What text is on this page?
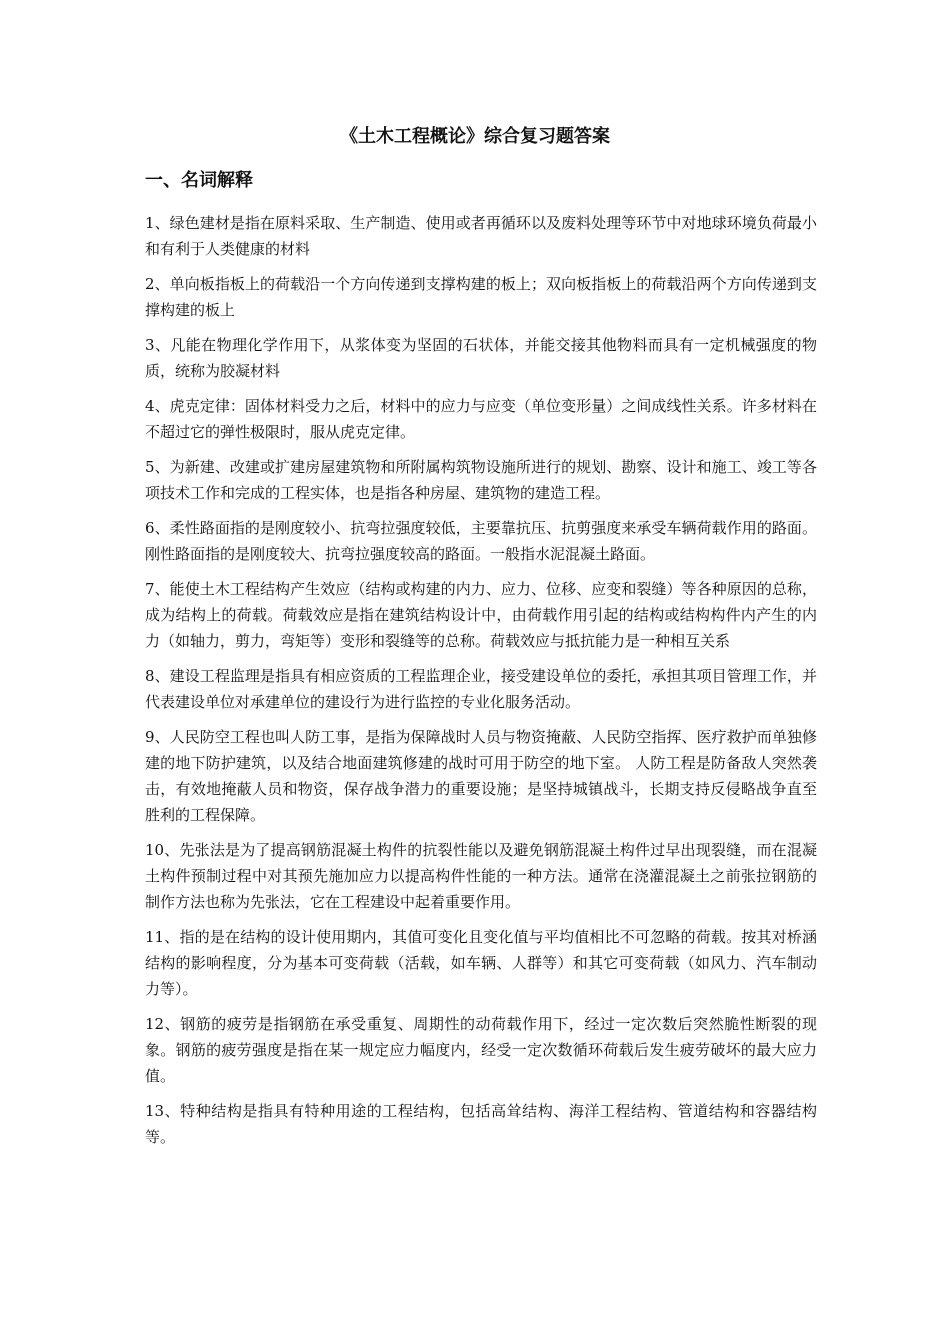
《土木工程概论》综合复习题答案
一、名词解释
1、绿色建材是指在原料采取、生产制造、使用或者再循环以及废料处理等环节中对地球环境负荷最小和有利于人类健康的材料
2、单向板指板上的荷载沿一个方向传递到支撑构建的板上；双向板指板上的荷载沿两个方向传递到支撑构建的板上
3、凡能在物理化学作用下，从浆体变为坚固的石状体，并能交接其他物料而具有一定机械强度的物质，统称为胶凝材料
4、虎克定律：固体材料受力之后，材料中的应力与应变（单位变形量）之间成线性关系。许多材料在不超过它的弹性极限时，服从虎克定律。
5、为新建、改建或扩建房屋建筑物和所附属构筑物设施所进行的规划、勘察、设计和施工、竣工等各项技术工作和完成的工程实体，也是指各种房屋、建筑物的建造工程。
6、柔性路面指的是刚度较小、抗弯拉强度较低，主要靠抗压、抗剪强度来承受车辆荷载作用的路面。刚性路面指的是刚度较大、抗弯拉强度较高的路面。一般指水泥混凝土路面。
7、能使土木工程结构产生效应（结构或构建的内力、应力、位移、应变和裂缝）等各种原因的总称，成为结构上的荷载。荷载效应是指在建筑结构设计中，由荷载作用引起的结构或结构构件内产生的内力（如轴力，剪力，弯矩等）变形和裂缝等的总称。荷载效应与抵抗能力是一种相互关系
8、建设工程监理是指具有相应资质的工程监理企业，接受建设单位的委托，承担其项目管理工作，并代表建设单位对承建单位的建设行为进行监控的专业化服务活动。
9、人民防空工程也叫人防工事，是指为保障战时人员与物资掩蔽、人民防空指挥、医疗救护而单独修建的地下防护建筑，以及结合地面建筑修建的战时可用于防空的地下室。 人防工程是防备敌人突然袭击，有效地掩蔽人员和物资，保存战争潜力的重要设施；是坚持城镇战斗，长期支持反侵略战争直至胜利的工程保障。
10、先张法是为了提高钢筋混凝土构件的抗裂性能以及避免钢筋混凝土构件过早出现裂缝，而在混凝土构件预制过程中对其预先施加应力以提高构件性能的一种方法。通常在浇灌混凝土之前张拉钢筋的制作方法也称为先张法，它在工程建设中起着重要作用。
11、指的是在结构的设计使用期内，其值可变化且变化值与平均值相比不可忽略的荷载。按其对桥涵结构的影响程度，分为基本可变荷载（活载，如车辆、人群等）和其它可变荷载（如风力、汽车制动力等）。
12、钢筋的疲劳是指钢筋在承受重复、周期性的动荷载作用下，经过一定次数后突然脆性断裂的现象。钢筋的疲劳强度是指在某一规定应力幅度内，经受一定次数循环荷载后发生疲劳破坏的最大应力值。
13、特种结构是指具有特种用途的工程结构，包括高耸结构、海洋工程结构、管道结构和容器结构等。
